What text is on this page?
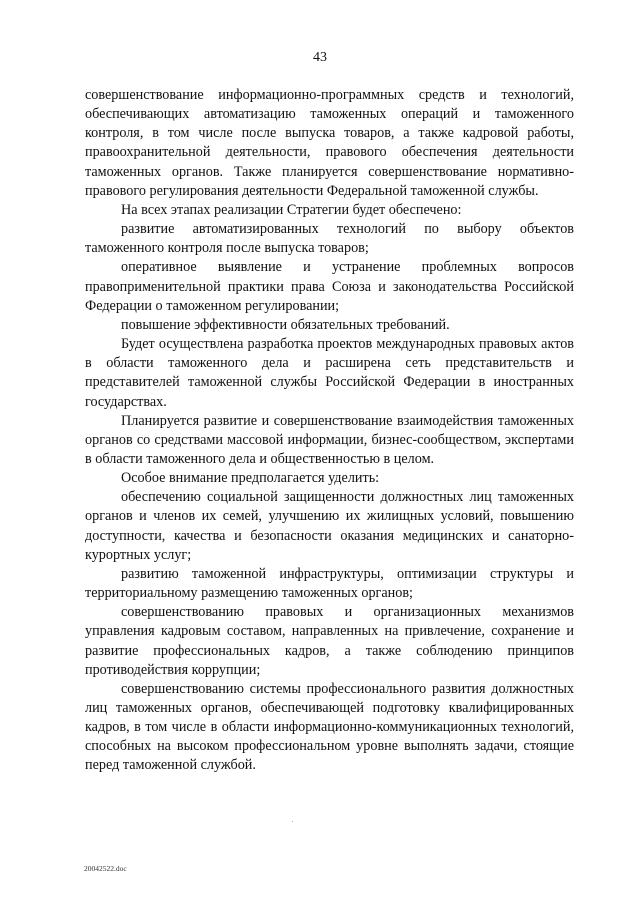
43

совершенствование информационно-программных средств и технологий, обеспечивающих автоматизацию таможенных операций и таможенного контроля, в том числе после выпуска товаров, а также кадровой работы, правоохранительной деятельности, правового обеспечения деятельности таможенных органов. Также планируется совершенствование нормативно-правового регулирования деятельности Федеральной таможенной службы.

На всех этапах реализации Стратегии будет обеспечено:

развитие автоматизированных технологий по выбору объектов таможенного контроля после выпуска товаров;

оперативное выявление и устранение проблемных вопросов правоприменительной практики права Союза и законодательства Российской Федерации о таможенном регулировании;

повышение эффективности обязательных требований.

Будет осуществлена разработка проектов международных правовых актов в области таможенного дела и расширена сеть представительств и представителей таможенной службы Российской Федерации в иностранных государствах.

Планируется развитие и совершенствование взаимодействия таможенных органов со средствами массовой информации, бизнес-сообществом, экспертами в области таможенного дела и общественностью в целом.

Особое внимание предполагается уделить:

обеспечению социальной защищенности должностных лиц таможенных органов и членов их семей, улучшению их жилищных условий, повышению доступности, качества и безопасности оказания медицинских и санаторно-курортных услуг;

развитию таможенной инфраструктуры, оптимизации структуры и территориальному размещению таможенных органов;

совершенствованию правовых и организационных механизмов управления кадровым составом, направленных на привлечение, сохранение и развитие профессиональных кадров, а также соблюдению принципов противодействия коррупции;

совершенствованию системы профессионального развития должностных лиц таможенных органов, обеспечивающей подготовку квалифицированных кадров, в том числе в области информационно-коммуникационных технологий, способных на высоком профессиональном уровне выполнять задачи, стоящие перед таможенной службой.

20042522.doc
